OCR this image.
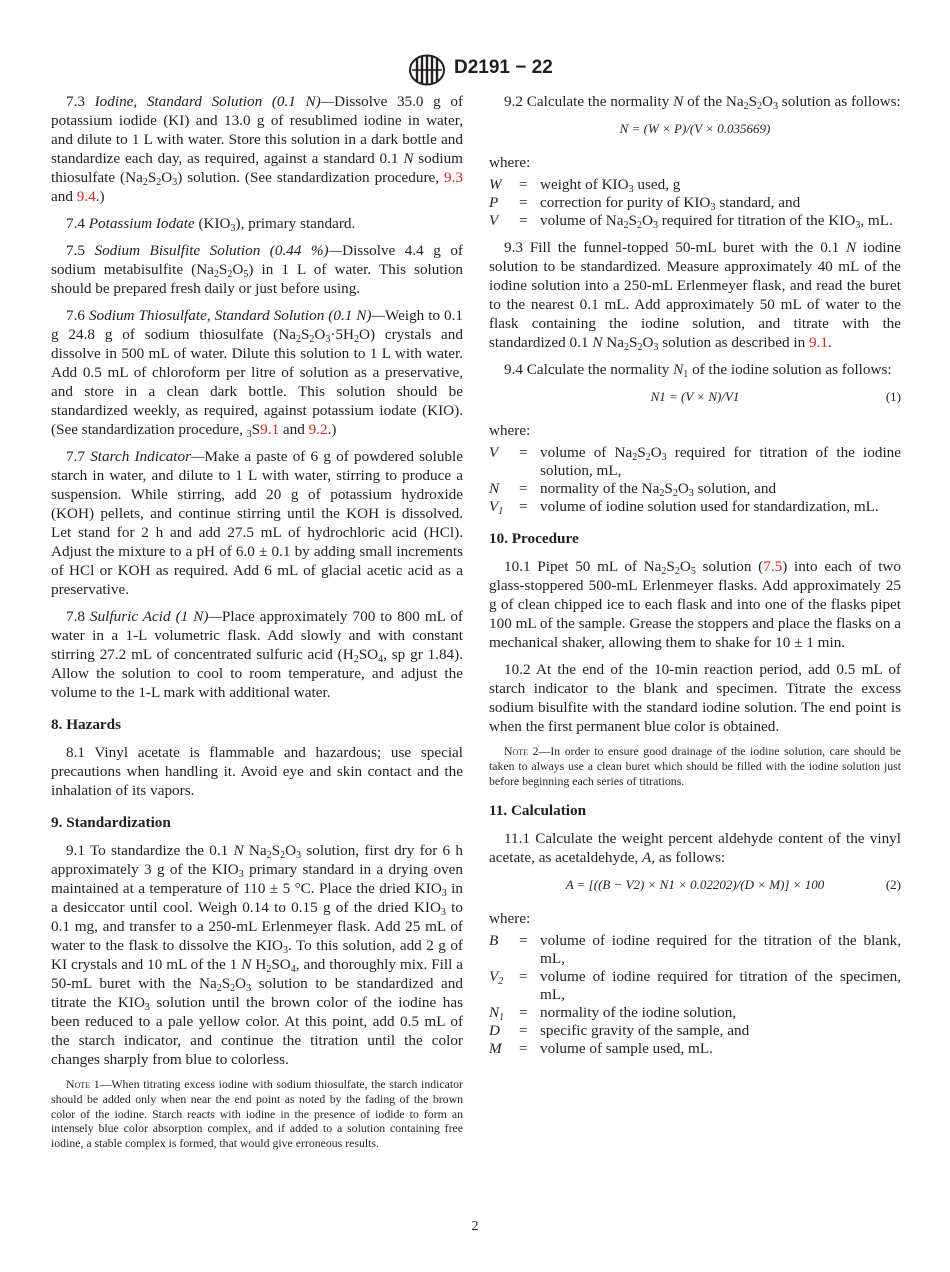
D2191 − 22

7.3 Iodine, Standard Solution (0.1 N)—Dissolve 35.0 g of potassium iodide (KI) and 13.0 g of resublimed iodine in water, and dilute to 1 L with water. Store this solution in a dark bottle and standardize each day, as required, against a standard 0.1 N sodium thiosulfate $(Na_2S_2O_3)$ solution. (See standardization procedure, 9.3 and 9.4.)

7.4 Potassium Iodate $(KIO_3)$, primary standard.

7.5 Sodium Bisulfite Solution (0.44 %)—Dissolve 4.4 g of sodium metabisulfite $(Na_2S_2O_5)$ in 1 L of water. This solution should be prepared fresh daily or just before using.

7.6 Sodium Thiosulfate, Standard Solution (0.1 N)—Weigh to 0.1 g 24.8 g of sodium thiosulfate $(Na_2S_2O_3\cdot 5H_2O)$ crystals and dissolve in 500 mL of water. Dilute this solution to 1 L with water. Add 0.5 mL of chloroform per litre of solution as a preservative, and store in a clean dark bottle. This solution should be standardized weekly, as required, against potassium iodate (KIO). (See standardization procedure, $_3$S9.1 and 9.2.)

7.7 Starch Indicator—Make a paste of 6 g of powdered soluble starch in water, and dilute to 1 L with water, stirring to produce a suspension. While stirring, add 20 g of potassium hydroxide (KOH) pellets, and continue stirring until the KOH is dissolved. Let stand for 2 h and add 27.5 mL of hydrochloric acid (HCl). Adjust the mixture to a pH of 6.0 ± 0.1 by adding small increments of HCl or KOH as required. Add 6 mL of glacial acetic acid as a preservative.

7.8 Sulfuric Acid (1 N)—Place approximately 700 to 800 mL of water in a 1-L volumetric flask. Add slowly and with constant stirring 27.2 mL of concentrated sulfuric acid ($H_2SO_4$, sp gr 1.84). Allow the solution to cool to room temperature, and adjust the volume to the 1-L mark with additional water.

8. Hazards

8.1 Vinyl acetate is flammable and hazardous; use special precautions when handling it. Avoid eye and skin contact and the inhalation of its vapors.

9. Standardization

9.1 To standardize the 0.1 N $Na_2S_2O_3$ solution, first dry for 6 h approximately 3 g of the $KIO_3$ primary standard in a drying oven maintained at a temperature of 110 ± 5 °C. Place the dried $KIO_3$ in a desiccator until cool. Weigh 0.14 to 0.15 g of the dried $KIO_3$ to 0.1 mg, and transfer to a 250-mL Erlenmeyer flask. Add 25 mL of water to the flask to dissolve the $KIO_3$. To this solution, add 2 g of KI crystals and 10 mL of the 1 N $H_2SO_4$, and thoroughly mix. Fill a 50-mL buret with the $Na_2S_2O_3$ solution to be standardized and titrate the $KIO_3$ solution until the brown color of the iodine has been reduced to a pale yellow color. At this point, add 0.5 mL of the starch indicator, and continue the titration until the color changes sharply from blue to colorless.

Note 1—When titrating excess iodine with sodium thiosulfate, the starch indicator should be added only when near the end point as noted by the fading of the brown color of the iodine. Starch reacts with iodine in the presence of iodide to form an intensely blue color absorption complex, and if added to a solution containing free iodine, a stable complex is formed, that would give erroneous results.

9.2 Calculate the normality N of the $Na_2S_2O_3$ solution as follows:

N = (W × P)/(V × 0.035669)

where:

W	=	weight of $KIO_3$ used, g
P	=	correction for purity of $KIO_3$ standard, and
V	=	volume of $Na_2S_2O_3$ required for titration of the $KIO_3$, mL.

9.3 Fill the funnel-topped 50-mL buret with the 0.1 N iodine solution to be standardized. Measure approximately 40 mL of the iodine solution into a 250-mL Erlenmeyer flask, and read the buret to the nearest 0.1 mL. Add approximately 50 mL of water to the flask containing the iodine solution, and titrate with the standardized 0.1 N $Na_2S_2O_3$ solution as described in 9.1.

9.4 Calculate the normality $N_1$ of the iodine solution as follows:

N1 = (V × N)/V1	(1)

where:

V	=	volume of $Na_2S_2O_3$ required for titration of the iodine solution, mL,
N	=	normality of the $Na_2S_2O_3$ solution, and
$V_1$	=	volume of iodine solution used for standardization, mL.
10. Procedure

10.1 Pipet 50 mL of $Na_2S_2O_5$ solution (7.5) into each of two glass-stoppered 500-mL Erlenmeyer flasks. Add approximately 25 g of clean chipped ice to each flask and into one of the flasks pipet 100 mL of the sample. Grease the stoppers and place the flasks on a mechanical shaker, allowing them to shake for 10 ± 1 min.

10.2 At the end of the 10-min reaction period, add 0.5 mL of starch indicator to the blank and specimen. Titrate the excess sodium bisulfite with the standard iodine solution. The end point is when the first permanent blue color is obtained.

Note 2—In order to ensure good drainage of the iodine solution, care should be taken to always use a clean buret which should be filled with the iodine solution just before beginning each series of titrations.

11. Calculation

11.1 Calculate the weight percent aldehyde content of the vinyl acetate, as acetaldehyde, A, as follows:

A = [((B − V2) × N1 × 0.02202)/(D × M)] × 100	(2)

where:

B	=	volume of iodine required for the titration of the blank, mL,
$V_2$	=	volume of iodine required for titration of the specimen, mL,
$N_1$	=	normality of the iodine solution,
D	=	specific gravity of the sample, and
M	=	volume of sample used, mL.
2
